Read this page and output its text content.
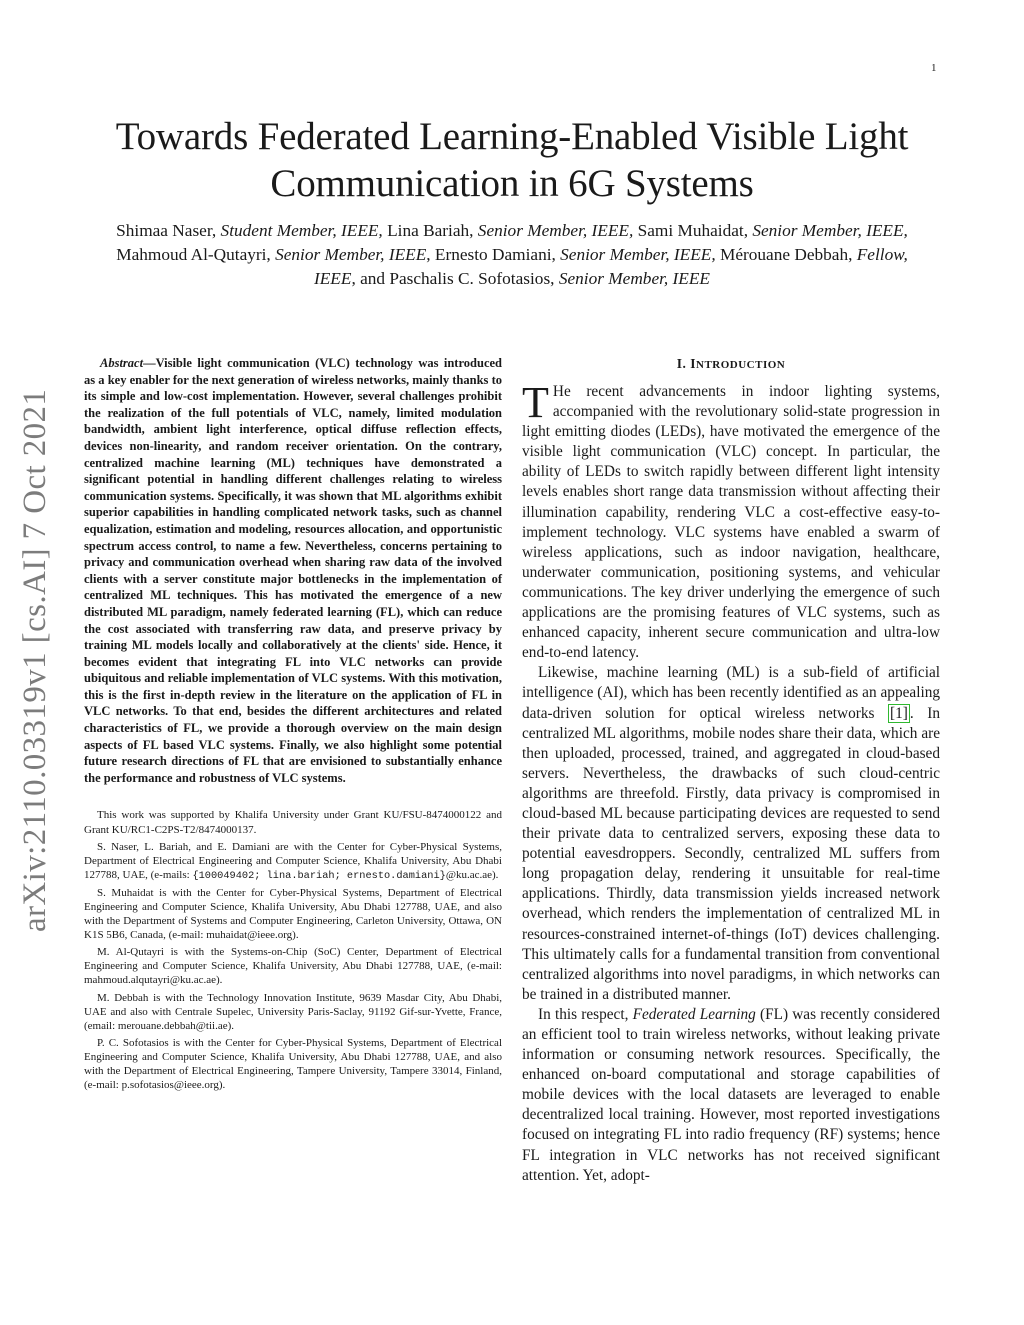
1
Towards Federated Learning-Enabled Visible Light
Communication in 6G Systems
Shimaa Naser, Student Member, IEEE, Lina Bariah, Senior Member, IEEE, Sami Muhaidat, Senior Member, IEEE, Mahmoud Al-Qutayri, Senior Member, IEEE, Ernesto Damiani, Senior Member, IEEE, Mérouane Debbah, Fellow, IEEE, and Paschalis C. Sofotasios, Senior Member, IEEE
arXiv:2110.03319v1 [cs.AI] 7 Oct 2021

Abstract—Visible light communication (VLC) technology was introduced as a key enabler for the next generation of wireless networks, mainly thanks to its simple and low-cost implementation. However, several challenges prohibit the realization of the full potentials of VLC, namely, limited modulation bandwidth, ambient light interference, optical diffuse reflection effects, devices non-linearity, and random receiver orientation. On the contrary, centralized machine learning (ML) techniques have demonstrated a significant potential in handling different challenges relating to wireless communication systems. Specifically, it was shown that ML algorithms exhibit superior capabilities in handling complicated network tasks, such as channel equalization, estimation and modeling, resources allocation, and opportunistic spectrum access control, to name a few. Nevertheless, concerns pertaining to privacy and communication overhead when sharing raw data of the involved clients with a server constitute major bottlenecks in the implementation of centralized ML techniques. This has motivated the emergence of a new distributed ML paradigm, namely federated learning (FL), which can reduce the cost associated with transferring raw data, and preserve privacy by training ML models locally and collaboratively at the clients' side. Hence, it becomes evident that integrating FL into VLC networks can provide ubiquitous and reliable implementation of VLC systems. With this motivation, this is the first in-depth review in the literature on the application of FL in VLC networks. To that end, besides the different architectures and related characteristics of FL, we provide a thorough overview on the main design aspects of FL based VLC systems. Finally, we also highlight some potential future research directions of FL that are envisioned to substantially enhance the performance and robustness of VLC systems.

This work was supported by Khalifa University under Grant KU/FSU-8474000122 and Grant KU/RC1-C2PS-T2/8474000137.

S. Naser, L. Bariah, and E. Damiani are with the Center for Cyber-Physical Systems, Department of Electrical Engineering and Computer Science, Khalifa University, Abu Dhabi 127788, UAE, (e-mails: {100049402; lina.bariah; ernesto.damiani}@ku.ac.ae).

S. Muhaidat is with the Center for Cyber-Physical Systems, Department of Electrical Engineering and Computer Science, Khalifa University, Abu Dhabi 127788, UAE, and also with the Department of Systems and Computer Engineering, Carleton University, Ottawa, ON K1S 5B6, Canada, (e-mail: muhaidat@ieee.org).

M. Al-Qutayri is with the Systems-on-Chip (SoC) Center, Department of Electrical Engineering and Computer Science, Khalifa University, Abu Dhabi 127788, UAE, (e-mail: mahmoud.alqutayri@ku.ac.ae).

M. Debbah is with the Technology Innovation Institute, 9639 Masdar City, Abu Dhabi, UAE and also with Centrale Supelec, University Paris-Saclay, 91192 Gif-sur-Yvette, France, (email: merouane.debbah@tii.ae).

P. C. Sofotasios is with the Center for Cyber-Physical Systems, Department of Electrical Engineering and Computer Science, Khalifa University, Abu Dhabi 127788, UAE, and also with the Department of Electrical Engineering, Tampere University, Tampere 33014, Finland, (e-mail: p.sofotasios@ieee.org).

I. INTRODUCTION

T He recent advancements in indoor lighting systems, accompanied with the revolutionary solid-state progression in light emitting diodes (LEDs), have motivated the emergence of the visible light communication (VLC) concept. In particular, the ability of LEDs to switch rapidly between different light intensity levels enables short range data transmission without affecting their illumination capability, rendering VLC a cost-effective easy-to-implement technology. VLC systems have enabled a swarm of wireless applications, such as indoor navigation, healthcare, underwater communication, positioning systems, and vehicular communications. The key driver underlying the emergence of such applications are the promising features of VLC systems, such as enhanced capacity, inherent secure communication and ultra-low end-to-end latency.

Likewise, machine learning (ML) is a sub-field of artificial intelligence (AI), which has been recently identified as an appealing data-driven solution for optical wireless networks [1] . In centralized ML algorithms, mobile nodes share their data, which are then uploaded, processed, trained, and aggregated in cloud-based servers. Nevertheless, the drawbacks of such cloud-centric algorithms are threefold. Firstly, data privacy is compromised in cloud-based ML because participating devices are requested to send their private data to centralized servers, exposing these data to potential eavesdroppers. Secondly, centralized ML suffers from long propagation delay, rendering it unsuitable for real-time applications. Thirdly, data transmission yields increased network overhead, which renders the implementation of centralized ML in resources-constrained internet-of-things (IoT) devices challenging. This ultimately calls for a fundamental transition from conventional centralized algorithms into novel paradigms, in which networks can be trained in a distributed manner.

In this respect, Federated Learning (FL) was recently considered an efficient tool to train wireless networks, without leaking private information or consuming network resources. Specifically, the enhanced on-board computational and storage capabilities of mobile devices with the local datasets are leveraged to enable decentralized local training. However, most reported investigations focused on integrating FL into radio frequency (RF) systems; hence FL integration in VLC networks has not received significant attention. Yet, adopt-
